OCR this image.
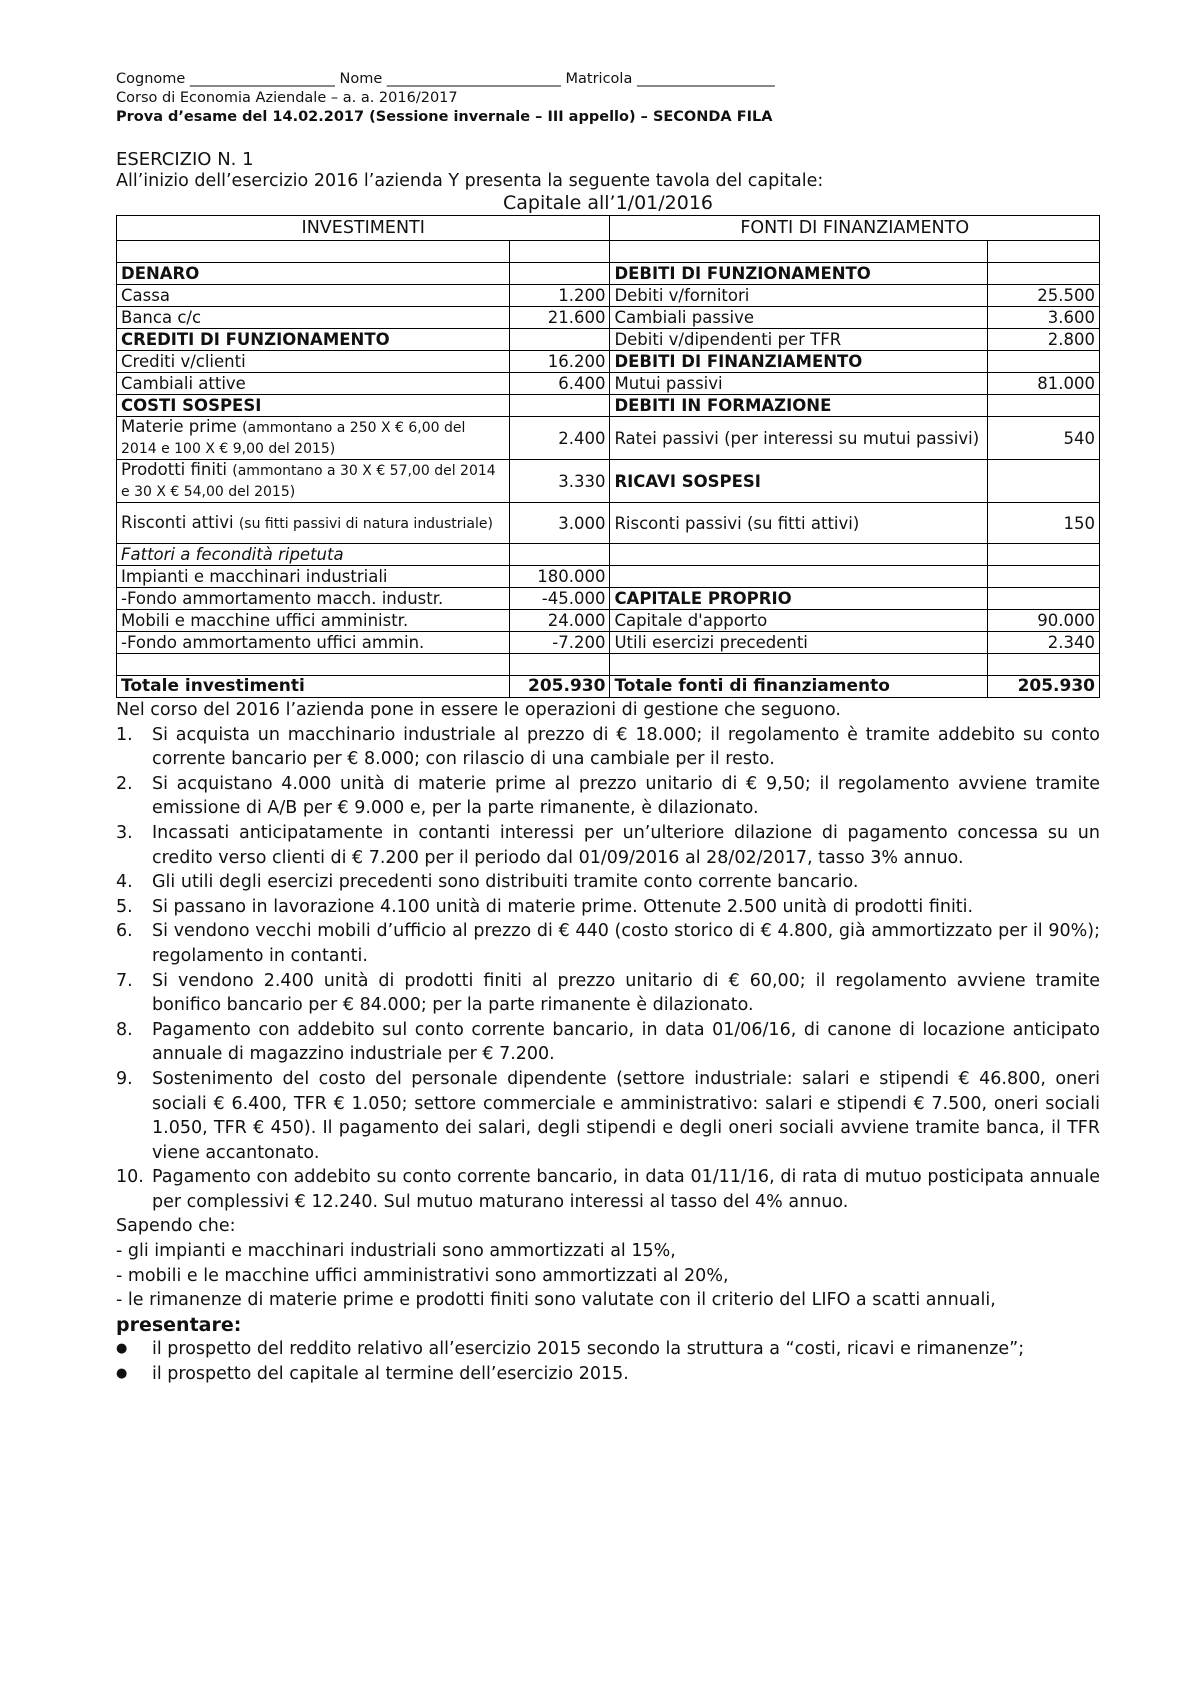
Cognome ____________________ Nome ________________________ Matricola ___________________
Corso di Economia Aziendale – a. a. 2016/2017
Prova d’esame del 14.02.2017 (Sessione invernale – III appello) – SECONDA FILA
ESERCIZIO N. 1
All’inizio dell’esercizio 2016 l’azienda Y presenta la seguente tavola del capitale:
Capitale all’1/01/2016
INVESTIMENTI		FONTI DI FINANZIAMENTO	

DENARO		DEBITI DI FUNZIONAMENTO	
Cassa	1.200	Debiti v/fornitori	25.500
Banca c/c	21.600	Cambiali passive	3.600
CREDITI DI FUNZIONAMENTO		Debiti v/dipendenti per TFR	2.800
Crediti v/clienti	16.200	DEBITI DI FINANZIAMENTO	
Cambiali attive	6.400	Mutui passivi	81.000
COSTI SOSPESI		DEBITI IN FORMAZIONE	
Materie prime (ammontano a 250 X € 6,00 del 2014 e 100 X € 9,00 del 2015)	2.400	Ratei passivi (per interessi su mutui passivi)	540
Prodotti finiti (ammontano a 30 X € 57,00 del 2014 e 30 X € 54,00 del 2015)	3.330	RICAVI SOSPESI	
Risconti attivi (su fitti passivi di natura industriale)	3.000	Risconti passivi (su fitti attivi)	150
Fattori a fecondità ripetuta			
Impianti e macchinari industriali	180.000		
-Fondo ammortamento macch. industr.	-45.000	CAPITALE PROPRIO	
Mobili e macchine uffici amministr.	24.000	Capitale d'apporto	90.000
-Fondo ammortamento uffici ammin.	-7.200	Utili esercizi precedenti	2.340

Totale investimenti	205.930	Totale fonti di finanziamento	205.930
Nel corso del 2016 l’azienda pone in essere le operazioni di gestione che seguono.
1.	Si acquista un macchinario industriale al prezzo di € 18.000; il regolamento è tramite addebito su conto corrente bancario per € 8.000; con rilascio di una cambiale per il resto.
2.	Si acquistano 4.000 unità di materie prime al prezzo unitario di € 9,50; il regolamento avviene tramite emissione di A/B per € 9.000 e, per la parte rimanente, è dilazionato.
3.	Incassati anticipatamente in contanti interessi per un’ulteriore dilazione di pagamento concessa su un credito verso clienti di € 7.200 per il periodo dal 01/09/2016 al 28/02/2017, tasso 3% annuo.
4.	Gli utili degli esercizi precedenti sono distribuiti tramite conto corrente bancario.
5.	Si passano in lavorazione 4.100 unità di materie prime. Ottenute 2.500 unità di prodotti finiti.
6.	Si vendono vecchi mobili d’ufficio al prezzo di € 440 (costo storico di € 4.800, già ammortizzato per il 90%); regolamento in contanti.
7.	Si vendono 2.400 unità di prodotti finiti al prezzo unitario di € 60,00; il regolamento avviene tramite bonifico bancario per € 84.000; per la parte rimanente è dilazionato.
8.	Pagamento con addebito sul conto corrente bancario, in data 01/06/16, di canone di locazione anticipato annuale di magazzino industriale per € 7.200.
9.	Sostenimento del costo del personale dipendente (settore industriale: salari e stipendi € 46.800, oneri sociali € 6.400, TFR € 1.050; settore commerciale e amministrativo: salari e stipendi € 7.500, oneri sociali 1.050, TFR € 450). Il pagamento dei salari, degli stipendi e degli oneri sociali avviene tramite banca, il TFR viene accantonato.
10. Pagamento con addebito su conto corrente bancario, in data 01/11/16, di rata di mutuo posticipata annuale per complessivi € 12.240. Sul mutuo maturano interessi al tasso del 4% annuo.
Sapendo che:
- gli impianti e macchinari industriali sono ammortizzati al 15%,
- mobili e le macchine uffici amministrativi sono ammortizzati al 20%,
- le rimanenze di materie prime e prodotti finiti sono valutate con il criterio del LIFO a scatti annuali,
presentare:
●	il prospetto del reddito relativo all’esercizio 2015 secondo la struttura a “costi, ricavi e rimanenze”;
●	il prospetto del capitale al termine dell’esercizio 2015.
